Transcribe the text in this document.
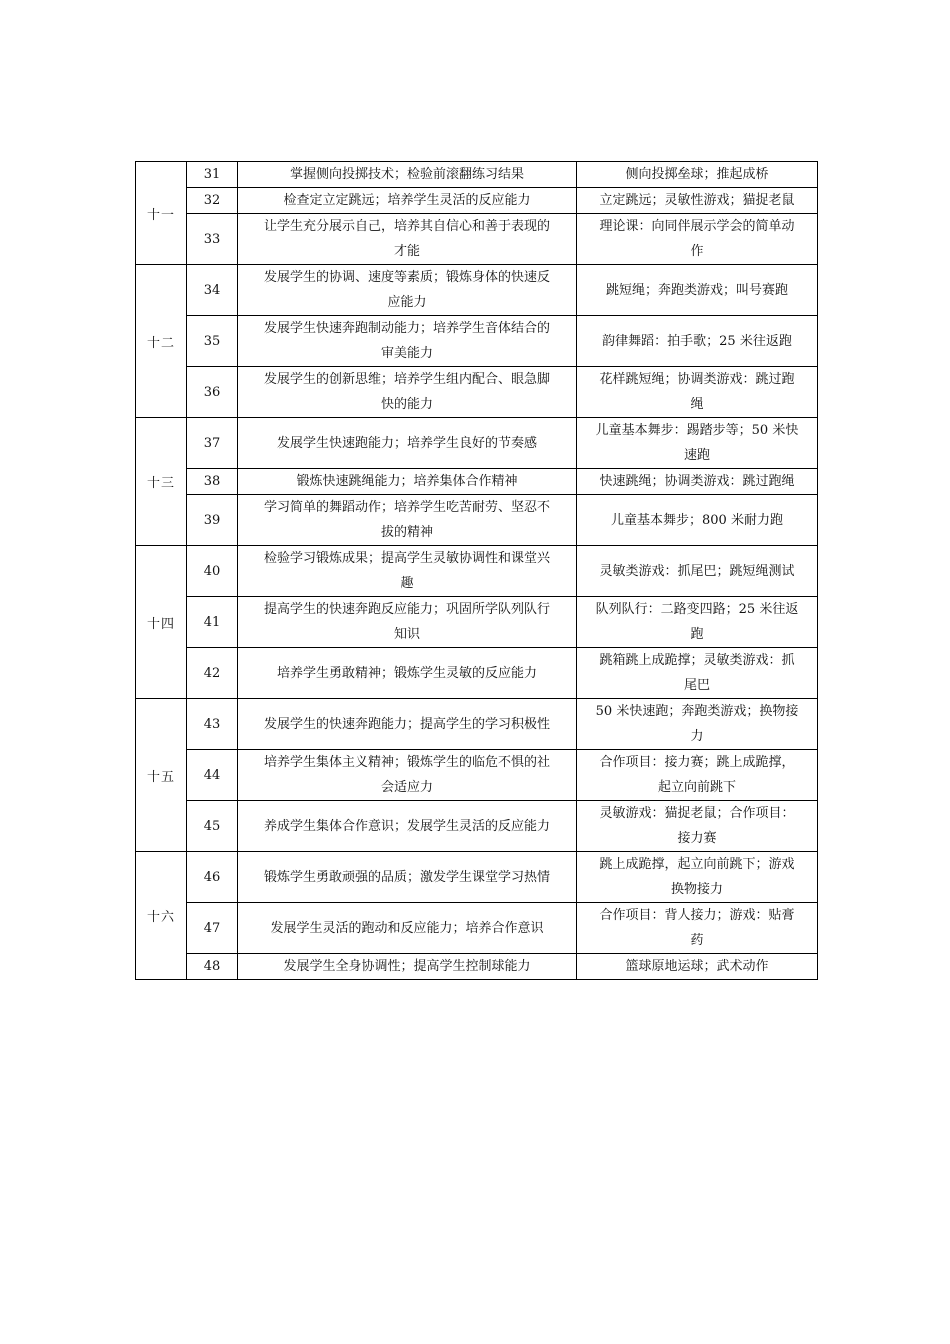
十一	31	掌握侧向投掷技术；检验前滚翻练习结果	侧向投掷垒球；推起成桥

	32	检查定立定跳远；培养学生灵活的反应能力	立定跳远；灵敏性游戏；猫捉老鼠

	33	让学生充分展示自己，培养其自信心和善于表现的
才能	理论课：向同伴展示学会的简单动
作

十二	34	发展学生的协调、速度等素质；锻炼身体的快速反
应能力	跳短绳；奔跑类游戏；叫号赛跑

	35	发展学生快速奔跑制动能力；培养学生音体结合的
审美能力	韵律舞蹈：拍手歌；25 米往返跑

	36	发展学生的创新思维；培养学生组内配合、眼急脚
快的能力	花样跳短绳；协调类游戏：跳过跑
绳

十三	37	发展学生快速跑能力；培养学生良好的节奏感	儿童基本舞步：踢踏步等；50 米快
速跑

	38	锻炼快速跳绳能力；培养集体合作精神	快速跳绳；协调类游戏：跳过跑绳

	39	学习简单的舞蹈动作；培养学生吃苦耐劳、坚忍不
拔的精神	儿童基本舞步；800 米耐力跑

十四	40	检验学习锻炼成果；提高学生灵敏协调性和课堂兴
趣	灵敏类游戏：抓尾巴；跳短绳测试

	41	提高学生的快速奔跑反应能力；巩固所学队列队行
知识	队列队行：二路变四路；25 米往返
跑

	42	培养学生勇敢精神；锻炼学生灵敏的反应能力	跳箱跳上成跪撑；灵敏类游戏：抓
尾巴

十五	43	发展学生的快速奔跑能力；提高学生的学习积极性	50 米快速跑；奔跑类游戏；换物接
力

	44	培养学生集体主义精神；锻炼学生的临危不惧的社
会适应力	合作项目：接力赛；跳上成跪撑，
起立向前跳下

	45	养成学生集体合作意识；发展学生灵活的反应能力	灵敏游戏：猫捉老鼠；合作项目：
接力赛

十六	46	锻炼学生勇敢顽强的品质；激发学生课堂学习热情	跳上成跪撑，起立向前跳下；游戏
换物接力

	47	发展学生灵活的跑动和反应能力；培养合作意识	合作项目：背人接力；游戏：贴膏
药

	48	发展学生全身协调性；提高学生控制球能力	篮球原地运球；武术动作
